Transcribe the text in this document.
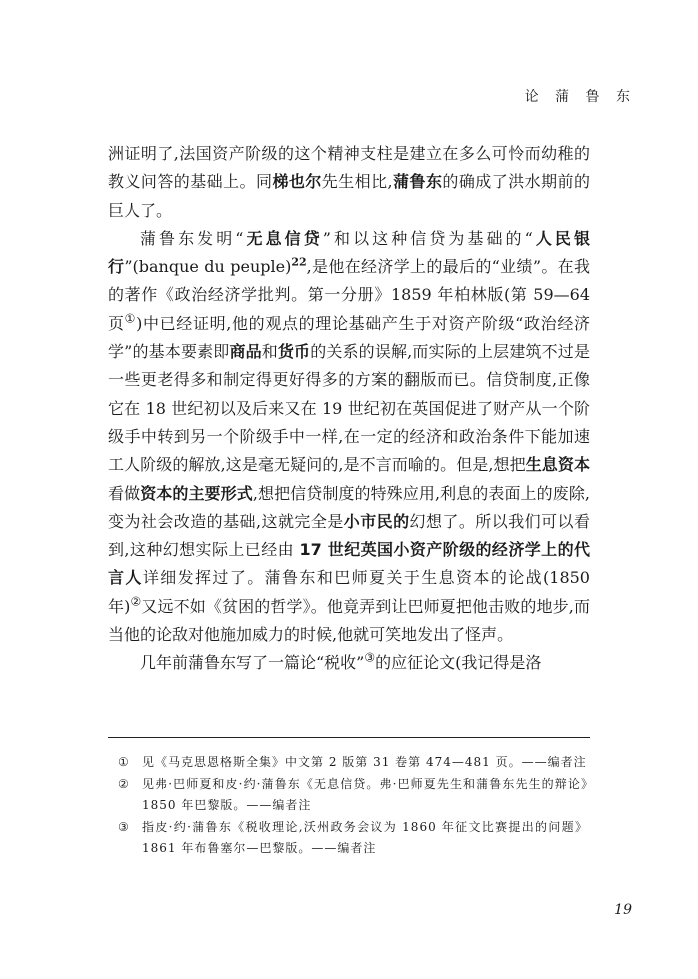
论 蒲 鲁 东

洲证明了,法国资产阶级的这个精神支柱是建立在多么可怜而幼稚的教义问答的基础上。同梯也尔先生相比,蒲鲁东的确成了洪水期前的巨人了。

蒲鲁东发明“无息信贷”和以这种信贷为基础的“人民银行”(banque du peuple)$^{22}$,是他在经济学上的最后的“业绩”。在我的著作《政治经济学批判。第一分册》1859 年柏林版(第 59—64 页①)中已经证明,他的观点的理论基础产生于对资产阶级“政治经济学”的基本要素即商品和货币的关系的误解,而实际的上层建筑不过是一些更老得多和制定得更好得多的方案的翻版而已。信贷制度,正像它在 18 世纪初以及后来又在 19 世纪初在英国促进了财产从一个阶级手中转到另一个阶级手中一样,在一定的经济和政治条件下能加速工人阶级的解放,这是毫无疑问的,是不言而喻的。但是,想把生息资本看做资本的主要形式,想把信贷制度的特殊应用,利息的表面上的废除,变为社会改造的基础,这就完全是小市民的幻想了。所以我们可以看到,这种幻想实际上已经由 17 世纪英国小资产阶级的经济学上的代言人详细发挥过了。蒲鲁东和巴师夏关于生息资本的论战(1850 年)②又远不如《贫困的哲学》。他竟弄到让巴师夏把他击败的地步,而当他的论敌对他施加威力的时候,他就可笑地发出了怪声。

几年前蒲鲁东写了一篇论“税收”③的应征论文(我记得是洛

①	见《马克思恩格斯全集》中文第 2 版第 31 卷第 474—481 页。——编者注
②	见弗·巴师夏和皮·约·蒲鲁东《无息信贷。弗·巴师夏先生和蒲鲁东先生的辩论》1850 年巴黎版。——编者注
③	指皮·约·蒲鲁东《税收理论,沃州政务会议为 1860 年征文比赛提出的问题》1861 年布鲁塞尔—巴黎版。——编者注
19
